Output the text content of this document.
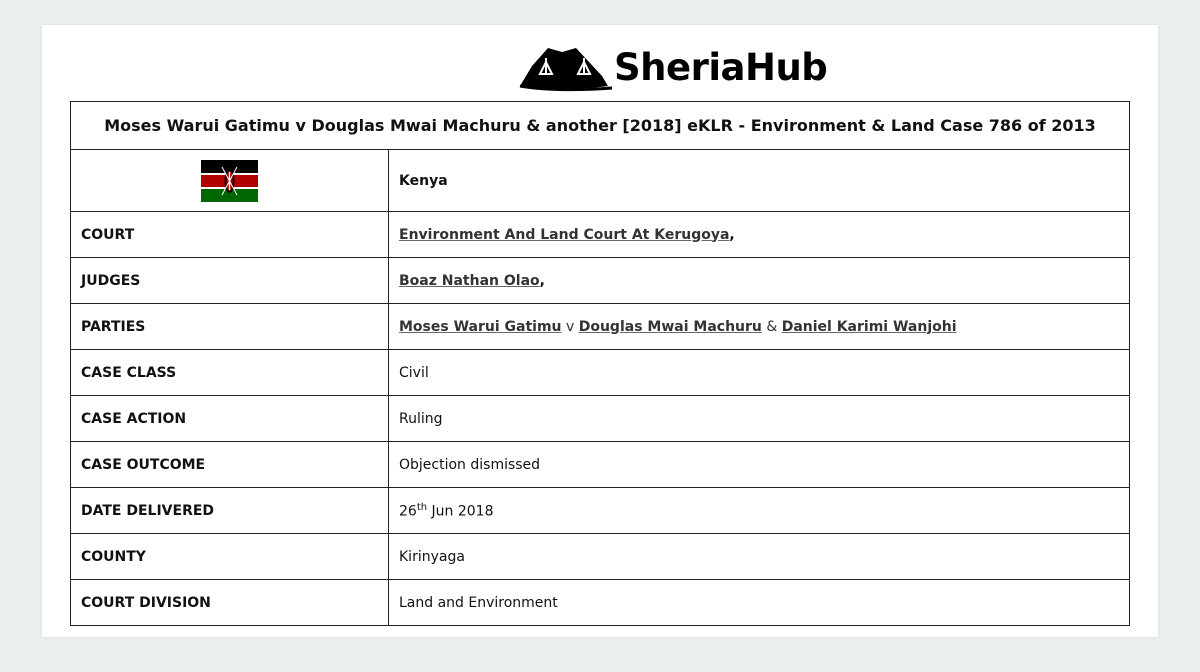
SheriaHub
Moses Warui Gatimu v Douglas Mwai Machuru & another [2018] eKLR - Environment & Land Case 786 of 2013	
	Kenya
COURT	Environment And Land Court At Kerugoya,
JUDGES	Boaz Nathan Olao,
PARTIES	Moses Warui Gatimu v Douglas Mwai Machuru & Daniel Karimi Wanjohi
CASE CLASS	Civil
CASE ACTION	Ruling
CASE OUTCOME	Objection dismissed
DATE DELIVERED	26th Jun 2018
COUNTY	Kirinyaga
COURT DIVISION	Land and Environment
